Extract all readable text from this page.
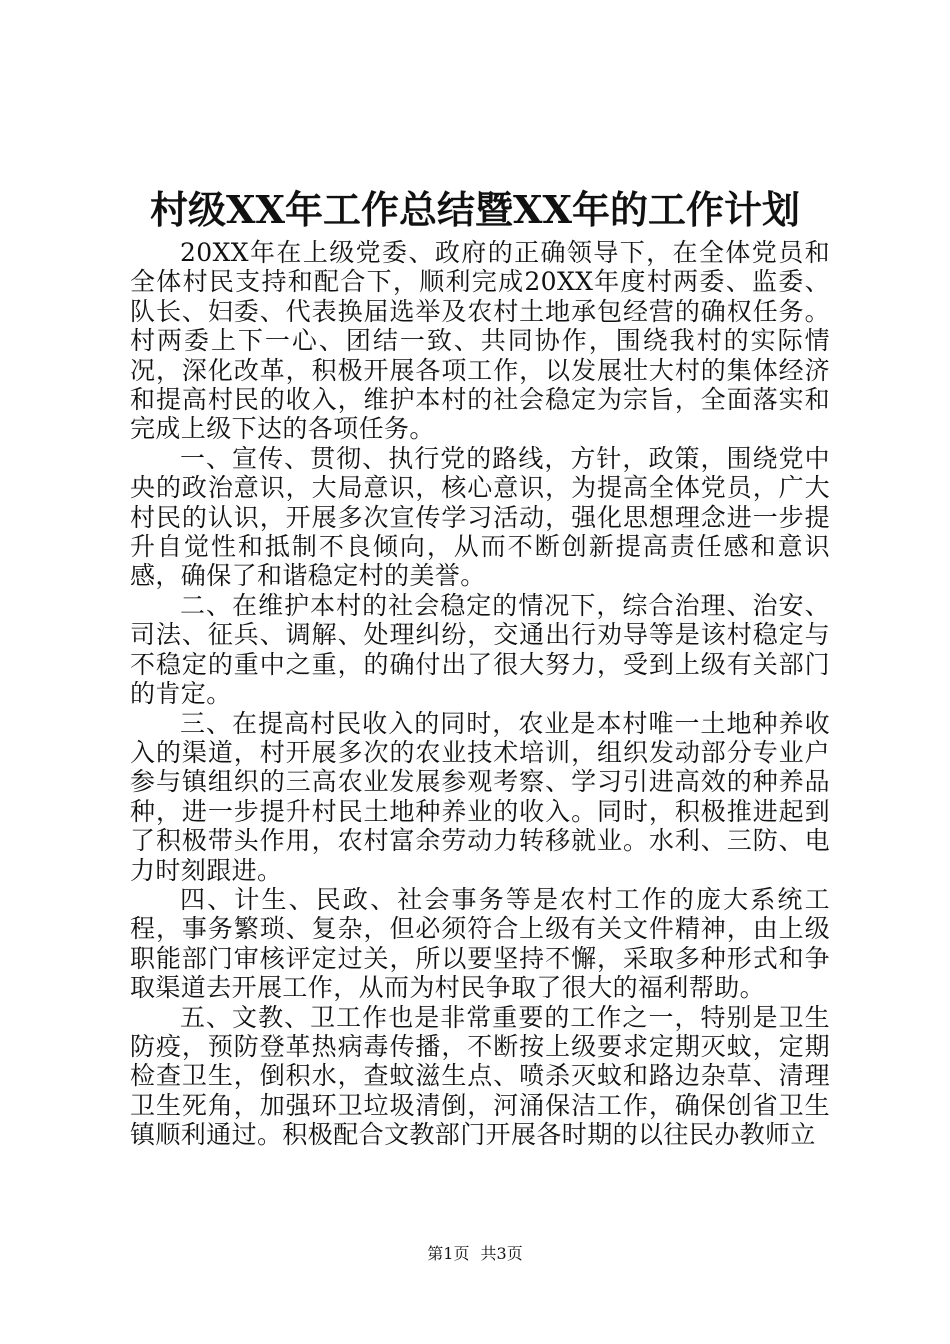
村级XX年工作总结暨XX年的工作计划

20XX年在上级党委、政府的正确领导下，在全体党员和全体村民支持和配合下，顺利完成20XX年度村两委、监委、队长、妇委、代表换届选举及农村土地承包经营的确权任务。村两委上下一心、团结一致、共同协作，围绕我村的实际情况，深化改革，积极开展各项工作，以发展壮大村的集体经济和提高村民的收入，维护本村的社会稳定为宗旨，全面落实和完成上级下达的各项任务。

一、宣传、贯彻、执行党的路线，方针，政策，围绕党中央的政治意识，大局意识，核心意识，为提高全体党员，广大村民的认识，开展多次宣传学习活动，强化思想理念进一步提升自觉性和抵制不良倾向，从而不断创新提高责任感和意识感，确保了和谐稳定村的美誉。

二、在维护本村的社会稳定的情况下，综合治理、治安、司法、征兵、调解、处理纠纷，交通出行劝导等是该村稳定与不稳定的重中之重，的确付出了很大努力，受到上级有关部门的肯定。

三、在提高村民收入的同时，农业是本村唯一土地种养收入的渠道，村开展多次的农业技术培训，组织发动部分专业户参与镇组织的三高农业发展参观考察、学习引进高效的种养品种，进一步提升村民土地种养业的收入。同时，积极推进起到了积极带头作用，农村富余劳动力转移就业。水利、三防、电力时刻跟进。

四、计生、民政、社会事务等是农村工作的庞大系统工程，事务繁琐、复杂，但必须符合上级有关文件精神，由上级职能部门审核评定过关，所以要坚持不懈，采取多种形式和争取渠道去开展工作，从而为村民争取了很大的福利帮助。

五、文教、卫工作也是非常重要的工作之一，特别是卫生防疫，预防登革热病毒传播，不断按上级要求定期灭蚊，定期检查卫生，倒积水，查蚊滋生点、喷杀灭蚊和路边杂草、清理卫生死角，加强环卫垃圾清倒，河涌保洁工作，确保创省卫生镇顺利通过。积极配合文教部门开展各时期的以往民办教师立

第1页 共3页
